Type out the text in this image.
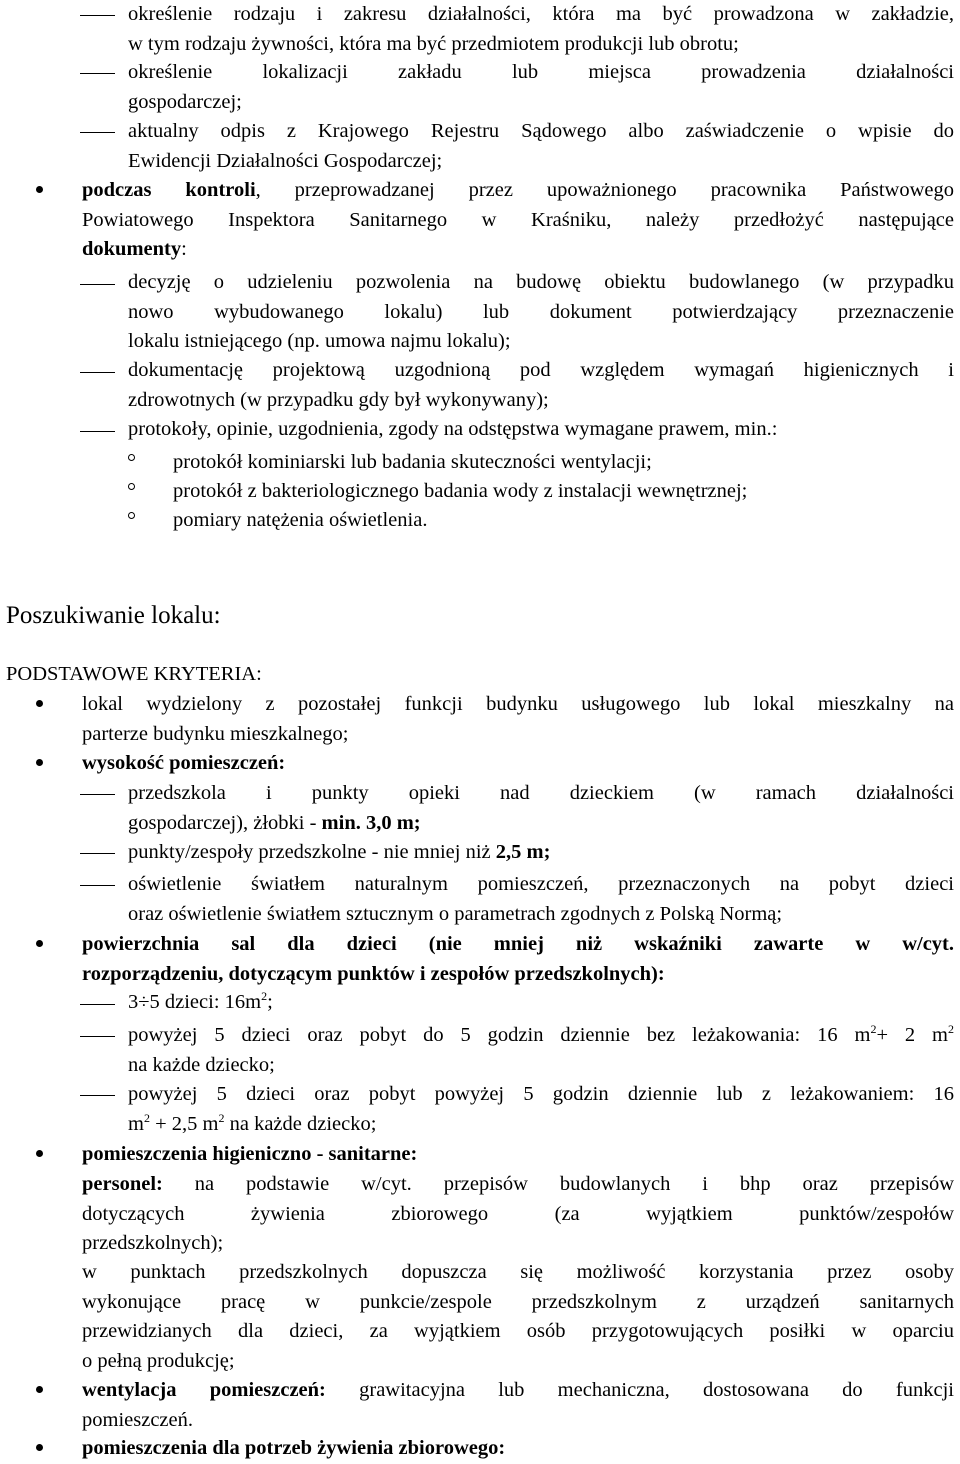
określenie rodzaju i zakresu działalności, która ma być prowadzona w zakładzie,
w tym rodzaju żywności, która ma być przedmiotem produkcji lub obrotu;
określenie lokalizacji zakładu lub miejsca prowadzenia działalności
gospodarczej;
aktualny odpis z Krajowego Rejestru Sądowego albo zaświadczenie o wpisie do
Ewidencji Działalności Gospodarczej;
podczas kontroli, przeprowadzanej przez upoważnionego pracownika Państwowego
Powiatowego Inspektora Sanitarnego w Kraśniku, należy przedłożyć następujące
dokumenty:
decyzję o udzieleniu pozwolenia na budowę obiektu budowlanego (w przypadku
nowo wybudowanego lokalu) lub dokument potwierdzający przeznaczenie
lokalu istniejącego (np. umowa najmu lokalu);
dokumentację projektową uzgodnioną pod względem wymagań higienicznych i
zdrowotnych (w przypadku gdy był wykonywany);
protokoły, opinie, uzgodnienia, zgody na odstępstwa wymagane prawem, min.:
protokół kominiarski lub badania skuteczności wentylacji;
protokół z bakteriologicznego badania wody z instalacji wewnętrznej;
pomiary natężenia oświetlenia.
Poszukiwanie lokalu:
PODSTAWOWE KRYTERIA:
lokal wydzielony z pozostałej funkcji budynku usługowego lub lokal mieszkalny na
parterze budynku mieszkalnego;
wysokość pomieszczeń:
przedszkola i punkty opieki nad dzieckiem (w ramach działalności
gospodarczej), żłobki - min. 3,0 m;
punkty/zespoły przedszkolne - nie mniej niż 2,5 m;
oświetlenie światłem naturalnym pomieszczeń, przeznaczonych na pobyt dzieci
oraz oświetlenie światłem sztucznym o parametrach zgodnych z Polską Normą;
powierzchnia sal dla dzieci (nie mniej niż wskaźniki zawarte w w/cyt.
rozporządzeniu, dotyczącym punktów i zespołów przedszkolnych):
3÷5 dzieci: $16m^2$;
powyżej 5 dzieci oraz pobyt do 5 godzin dziennie bez leżakowania: 16 $m^2+ 2$ $m^2$
na każde dziecko;
powyżej 5 dzieci oraz pobyt powyżej 5 godzin dziennie lub z leżakowaniem: 16
$m^2 + 2,5$ $m^2$ na każde dziecko;
pomieszczenia higieniczno - sanitarne:
personel: na podstawie w/cyt. przepisów budowlanych i bhp oraz przepisów
dotyczących żywienia zbiorowego (za wyjątkiem punktów/zespołów
przedszkolnych);
w punktach przedszkolnych dopuszcza się możliwość korzystania przez osoby
wykonujące pracę w punkcie/zespole przedszkolnym z urządzeń sanitarnych
przewidzianych dla dzieci, za wyjątkiem osób przygotowujących posiłki w oparciu
o pełną produkcję;
wentylacja pomieszczeń: grawitacyjna lub mechaniczna, dostosowana do funkcji
pomieszczeń.
pomieszczenia dla potrzeb żywienia zbiorowego:
